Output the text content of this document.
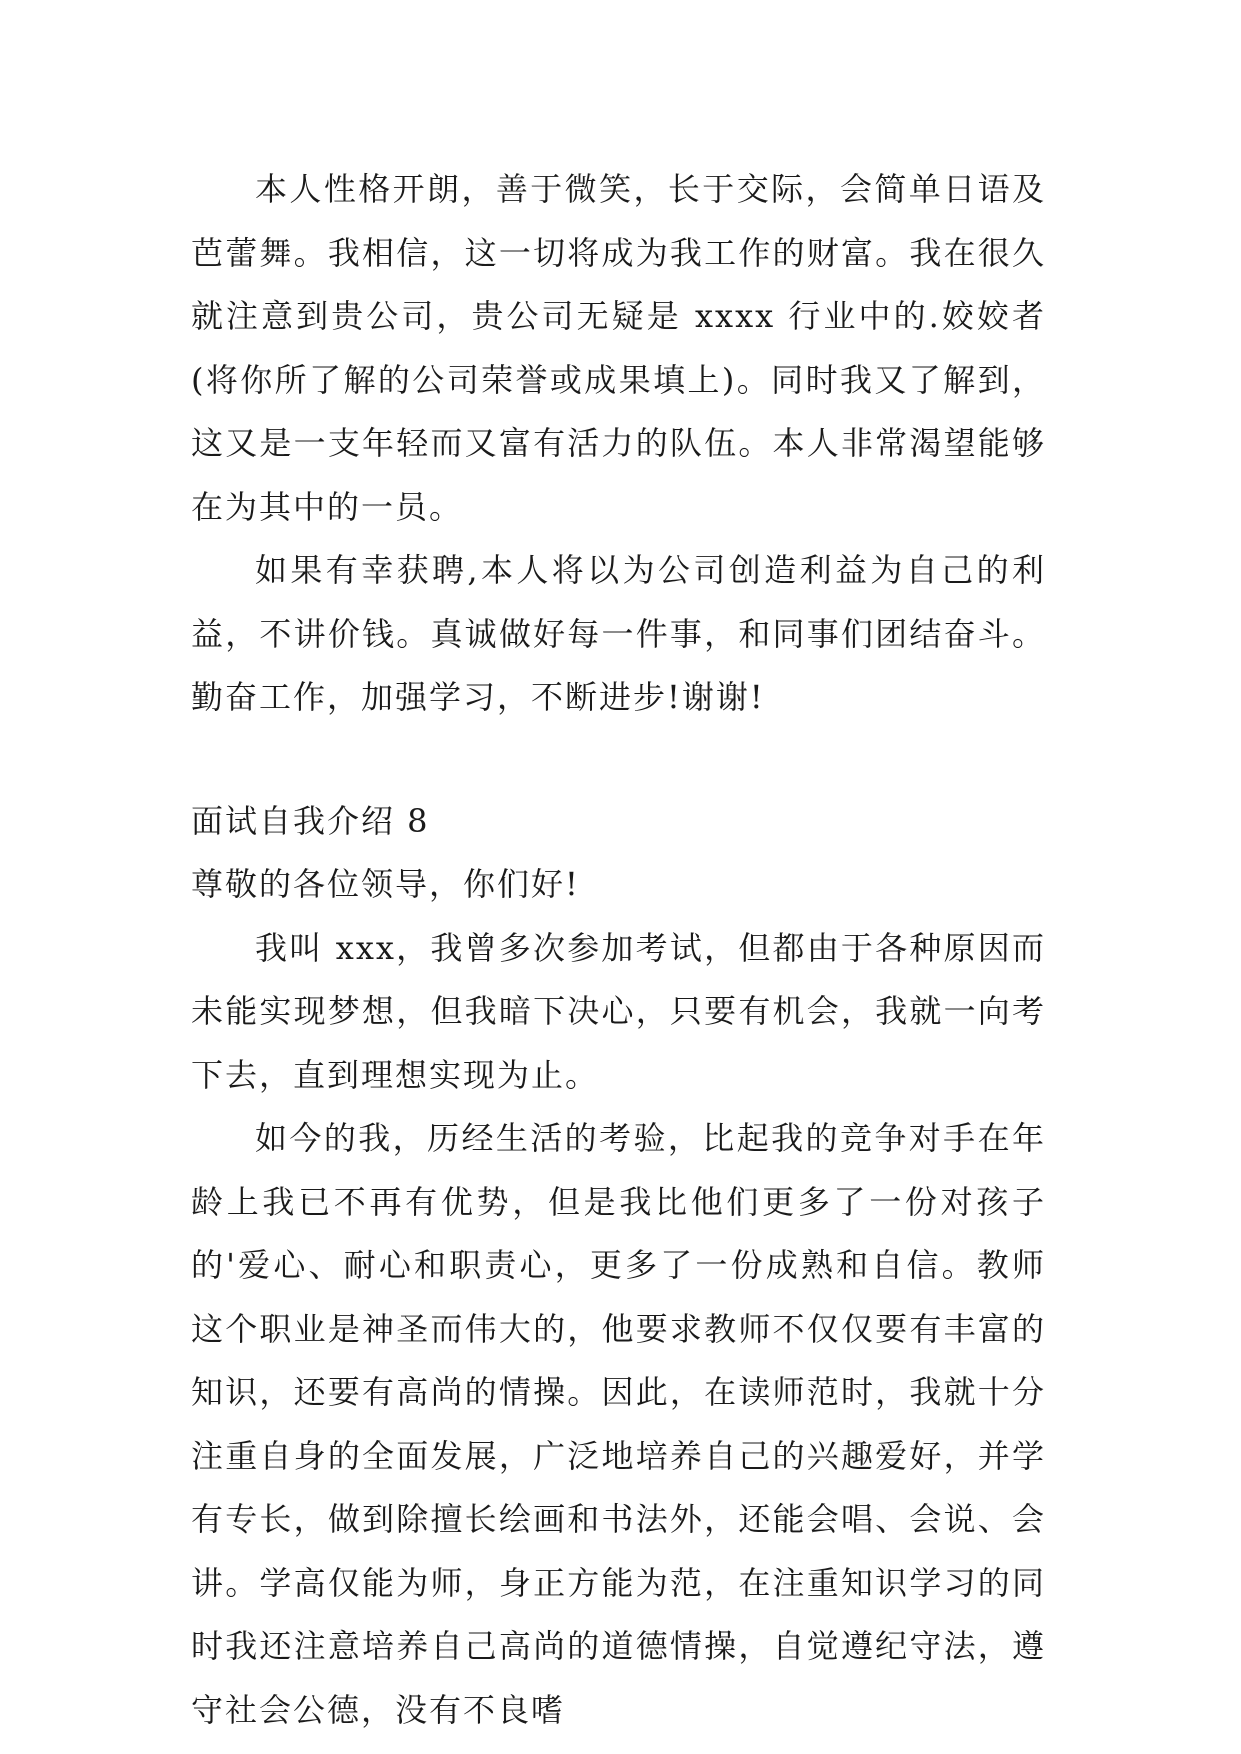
本人性格开朗，善于微笑，长于交际，会简单日语及芭蕾舞。我相信，这一切将成为我工作的财富。我在很久就注意到贵公司，贵公司无疑是 xxxx 行业中的.姣姣者(将你所了解的公司荣誉或成果填上)。同时我又了解到，这又是一支年轻而又富有活力的队伍。本人非常渴望能够在为其中的一员。

如果有幸获聘,本人将以为公司创造利益为自己的利益，不讲价钱。真诚做好每一件事，和同事们团结奋斗。勤奋工作，加强学习，不断进步!谢谢!

面试自我介绍 8

尊敬的各位领导，你们好!

我叫 xxx，我曾多次参加考试，但都由于各种原因而未能实现梦想，但我暗下决心，只要有机会，我就一向考下去，直到理想实现为止。

如今的我，历经生活的考验，比起我的竞争对手在年龄上我已不再有优势，但是我比他们更多了一份对孩子的'爱心、耐心和职责心，更多了一份成熟和自信。教师这个职业是神圣而伟大的，他要求教师不仅仅要有丰富的知识，还要有高尚的情操。因此，在读师范时，我就十分注重自身的全面发展，广泛地培养自己的兴趣爱好，并学有专长，做到除擅长绘画和书法外，还能会唱、会说、会讲。学高仅能为师，身正方能为范，在注重知识学习的同时我还注意培养自己高尚的道德情操，自觉遵纪守法，遵守社会公德，没有不良嗜
